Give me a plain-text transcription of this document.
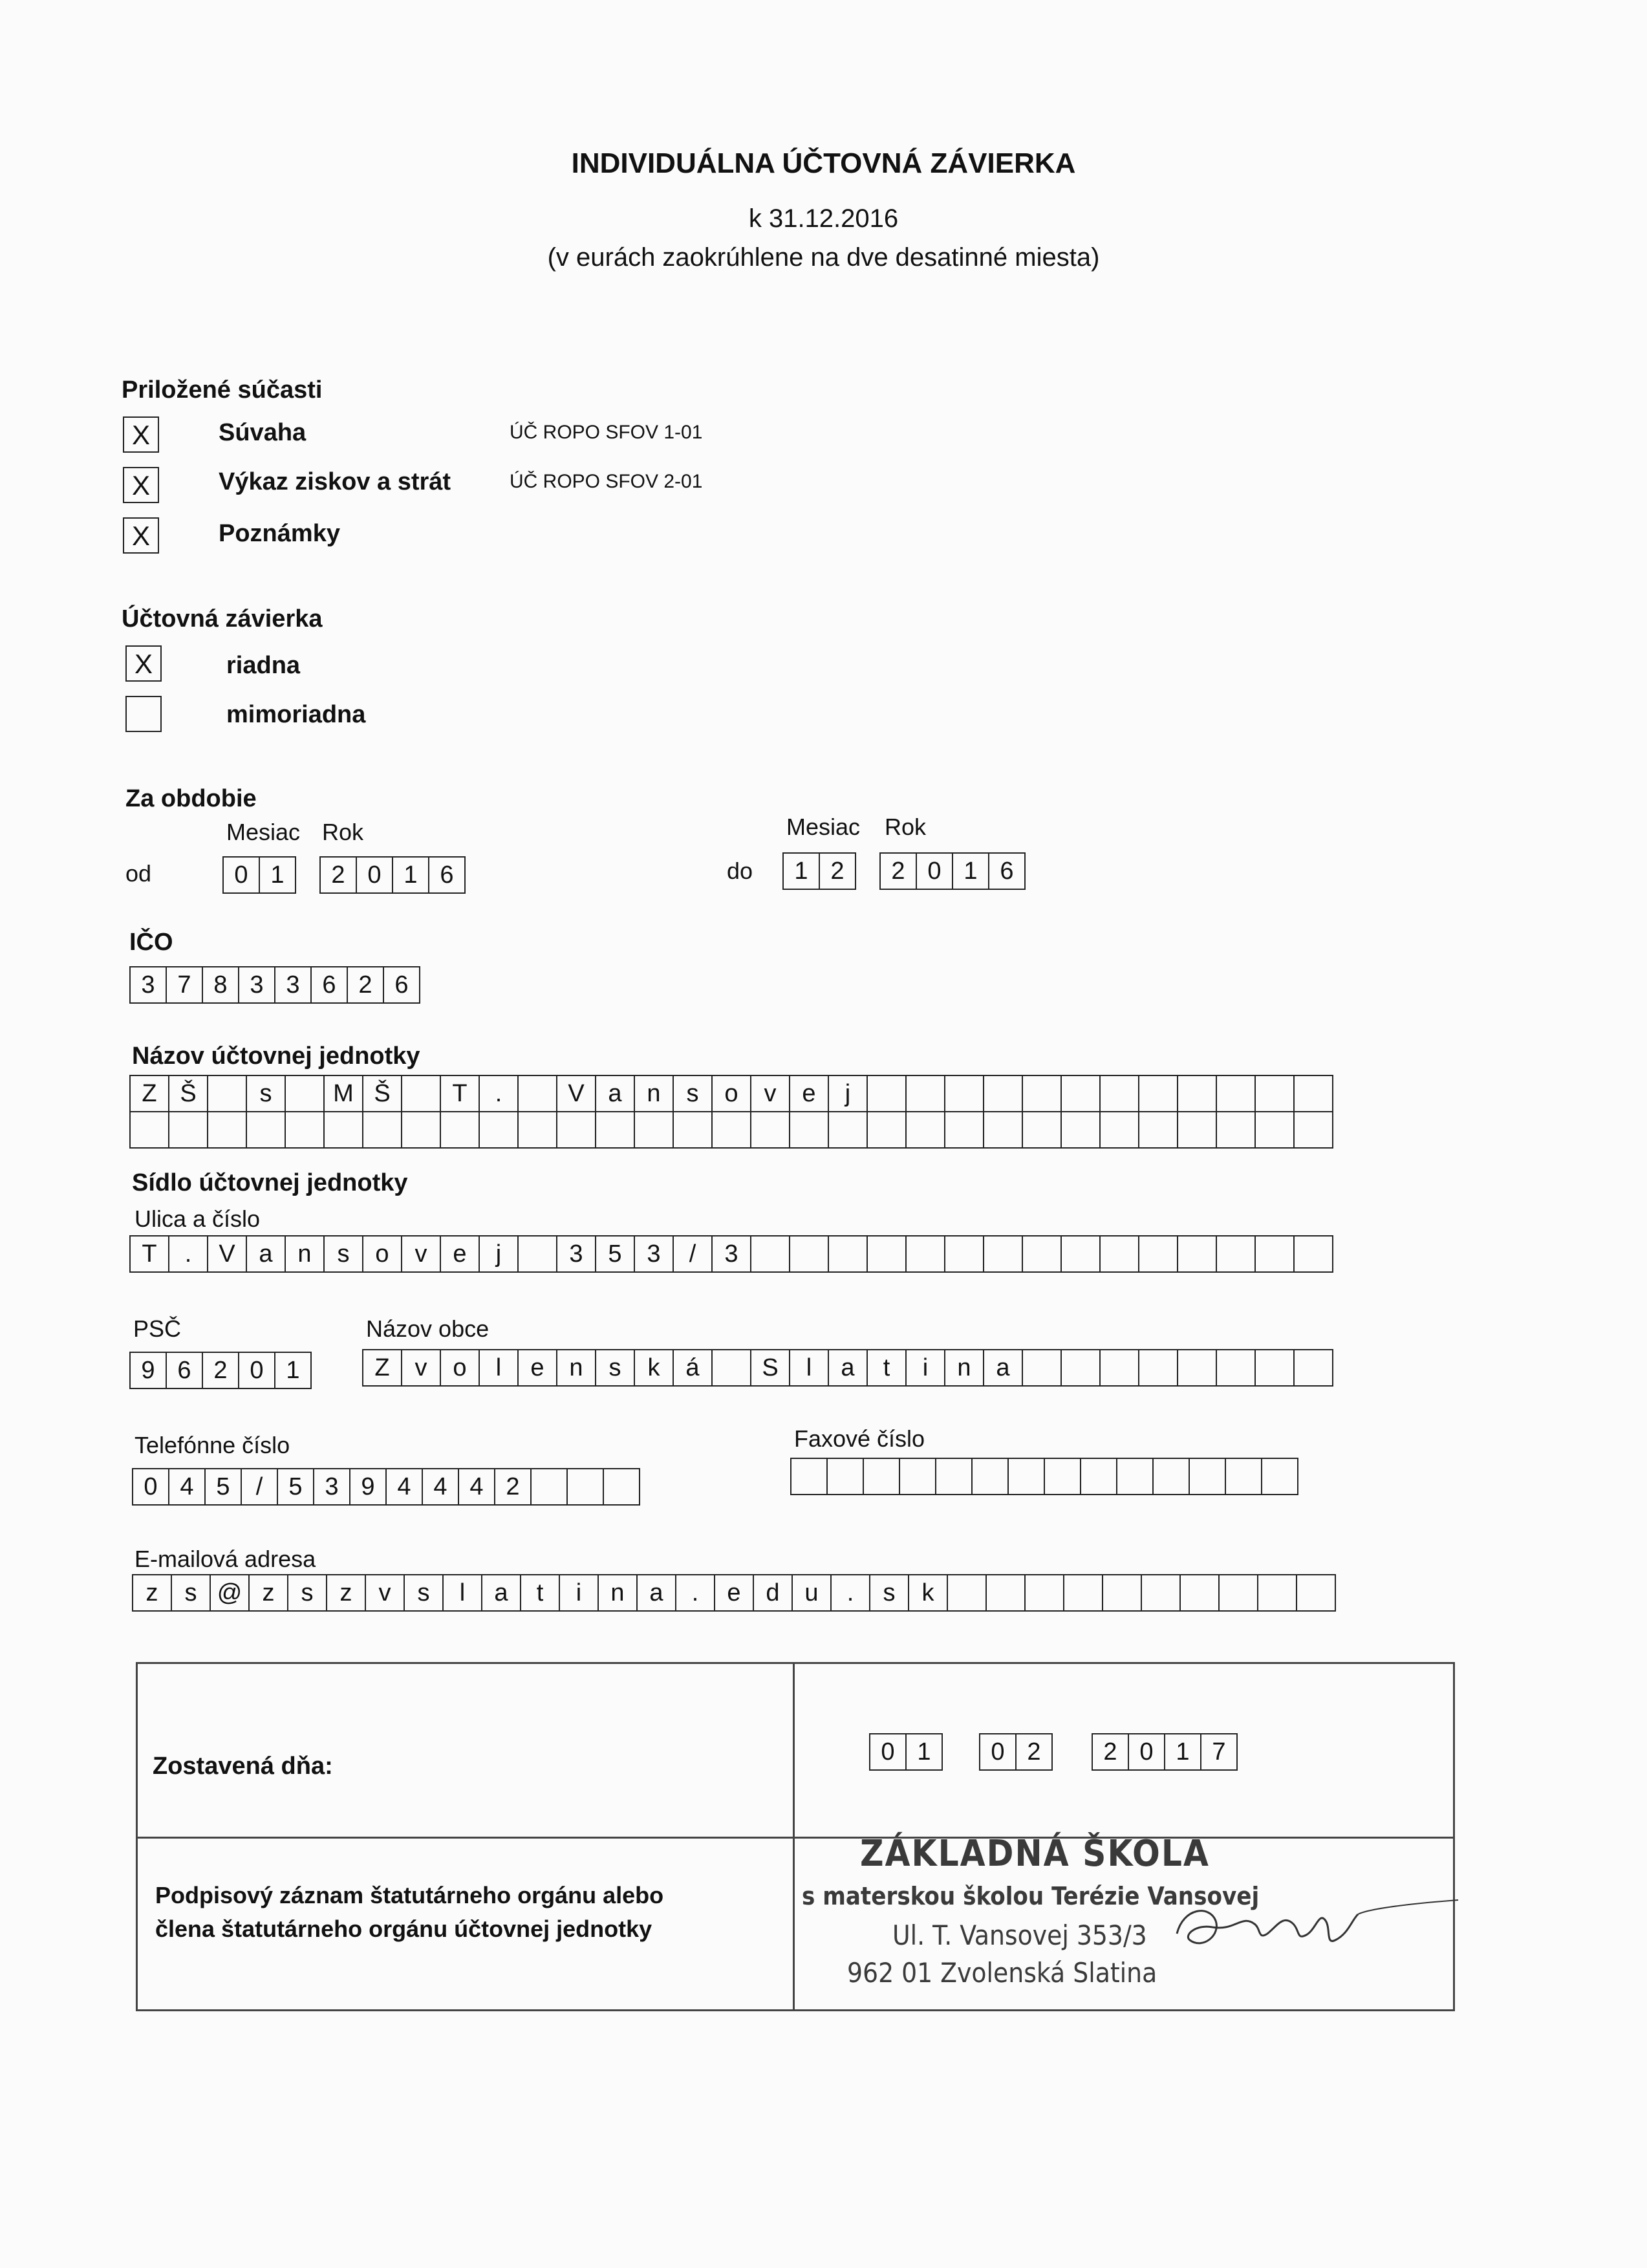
INDIVIDUÁLNA ÚČTOVNÁ ZÁVIERKA
k 31.12.2016
(v eurách zaokrúhlene na dve desatinné miesta)
Priložené súčasti
X	Súvaha	ÚČ ROPO SFOV 1-01
X	Výkaz ziskov a strát	ÚČ ROPO SFOV 2-01
X	Poznámky
Účtovná závierka
X	riadna
mimoriadna
Za obdobie
Mesiac Rok
od	0 1	2 0 1 6
Mesiac Rok
do	1 2	2 0 1 6
IČO
3 7 8 3 3 6 2 6
Názov účtovnej jednotky
Z Š	s	M Š	T	.	V a	n	s	o	v	e	j
Sídlo účtovnej jednotky
Ulica a číslo
T	.	V a	n	s	o	v	e	j	3	5	3	/	3
PSČ	Názov obce
9 6 2 0 1	Z	v	o	l	e	n	s	k	á	S	l	a	t	i	n	a
Telefónne číslo	Faxové číslo
0 4 5	/	5 3 9 4 4 4 2
E-mailová adresa
z	s @ z	s	z	v	s	l	a	t	i	n	a	.	e	d	u	.	s	k
Zostavená dňa:
0 1	0 2	2 0 1 7
Podpisový záznam štatutárneho orgánu alebo
člena štatutárneho orgánu účtovnej jednotky
ZÁKLADNÁ ŠKOLA
s materskou školou Terézie Vansovej
Ul. T. Vansovej 353/3
962 01 Zvolenská Slatina
